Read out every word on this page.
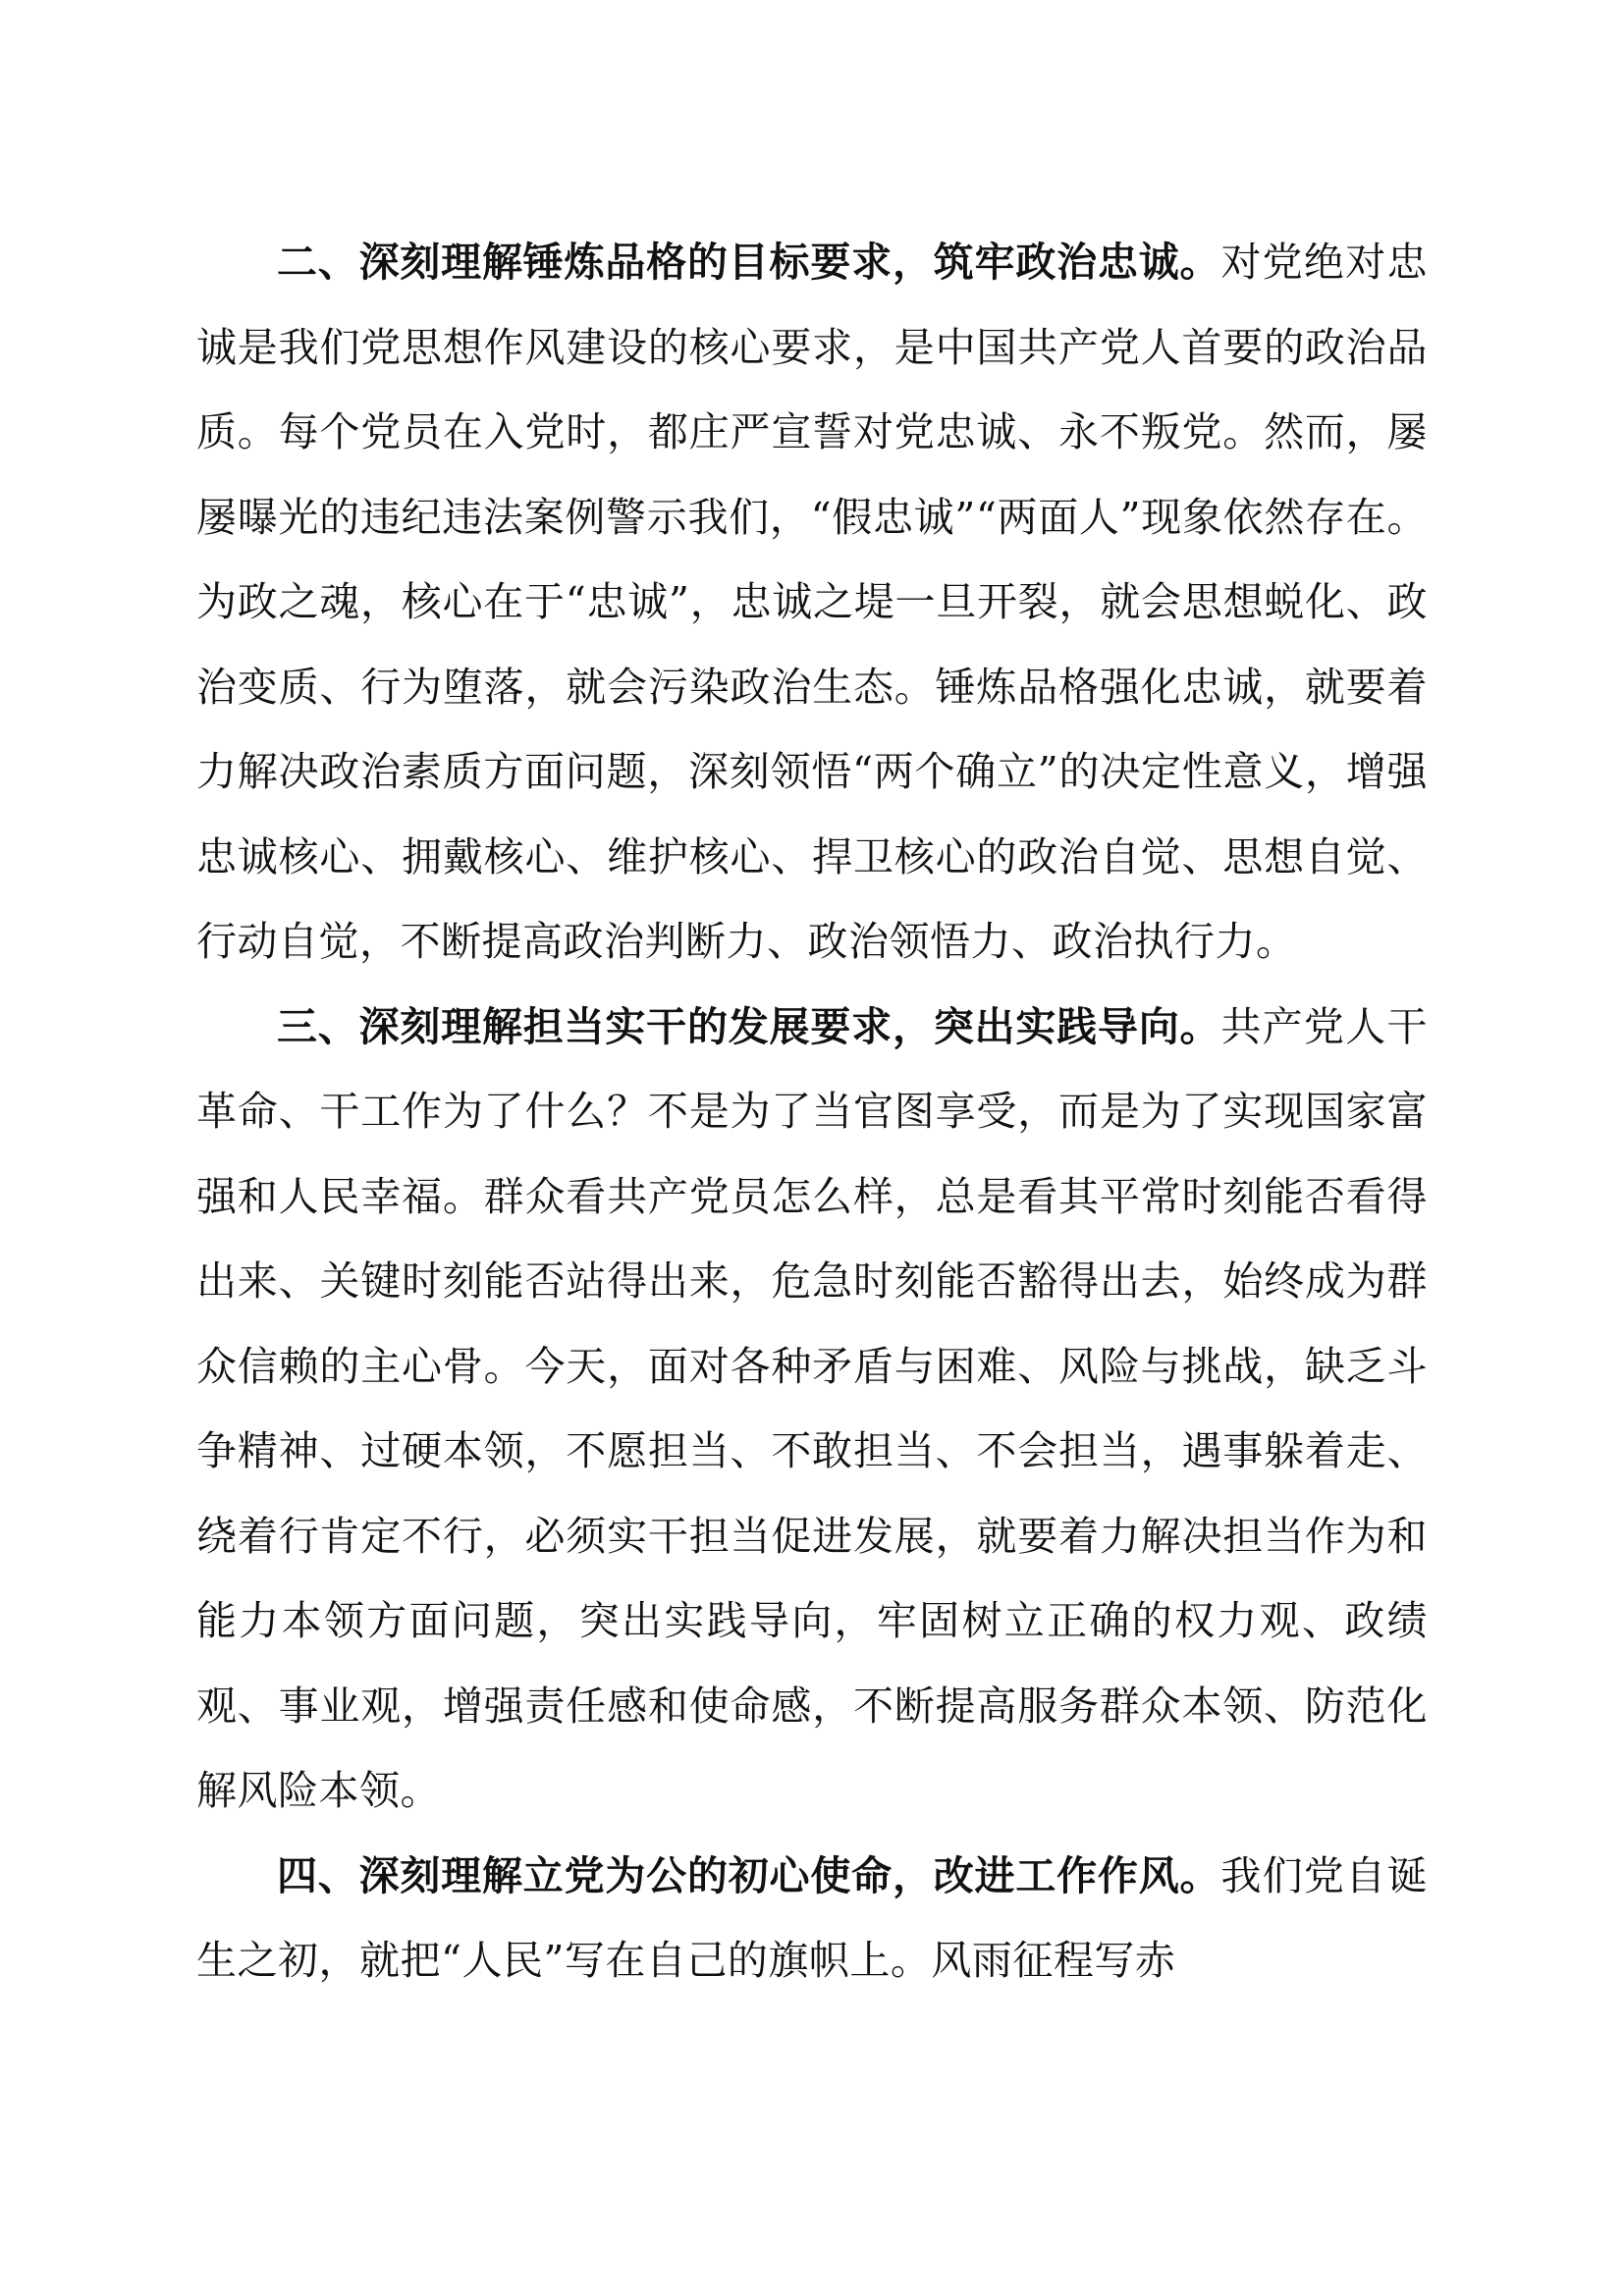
二、深刻理解锤炼品格的目标要求，筑牢政治忠诚。对党绝对忠诚是我们党思想作风建设的核心要求，是中国共产党人首要的政治品质。每个党员在入党时，都庄严宣誓对党忠诚、永不叛党。然而，屡屡曝光的违纪违法案例警示我们，“假忠诚”“两面人”现象依然存在。为政之魂，核心在于“忠诚”，忠诚之堤一旦开裂，就会思想蜕化、政治变质、行为堕落，就会污染政治生态。锤炼品格强化忠诚，就要着力解决政治素质方面问题，深刻领悟“两个确立”的决定性意义，增强忠诚核心、拥戴核心、维护核心、捍卫核心的政治自觉、思想自觉、行动自觉，不断提高政治判断力、政治领悟力、政治执行力。

三、深刻理解担当实干的发展要求，突出实践导向。共产党人干革命、干工作为了什么？不是为了当官图享受，而是为了实现国家富强和人民幸福。群众看共产党员怎么样，总是看其平常时刻能否看得出来、关键时刻能否站得出来，危急时刻能否豁得出去，始终成为群众信赖的主心骨。今天，面对各种矛盾与困难、风险与挑战，缺乏斗争精神、过硬本领，不愿担当、不敢担当、不会担当，遇事躲着走、绕着行肯定不行，必须实干担当促进发展，就要着力解决担当作为和能力本领方面问题，突出实践导向，牢固树立正确的权力观、政绩观、事业观，增强责任感和使命感，不断提高服务群众本领、防范化解风险本领。

四、深刻理解立党为公的初心使命，改进工作作风。我们党自诞生之初，就把“人民”写在自己的旗帜上。风雨征程写赤
